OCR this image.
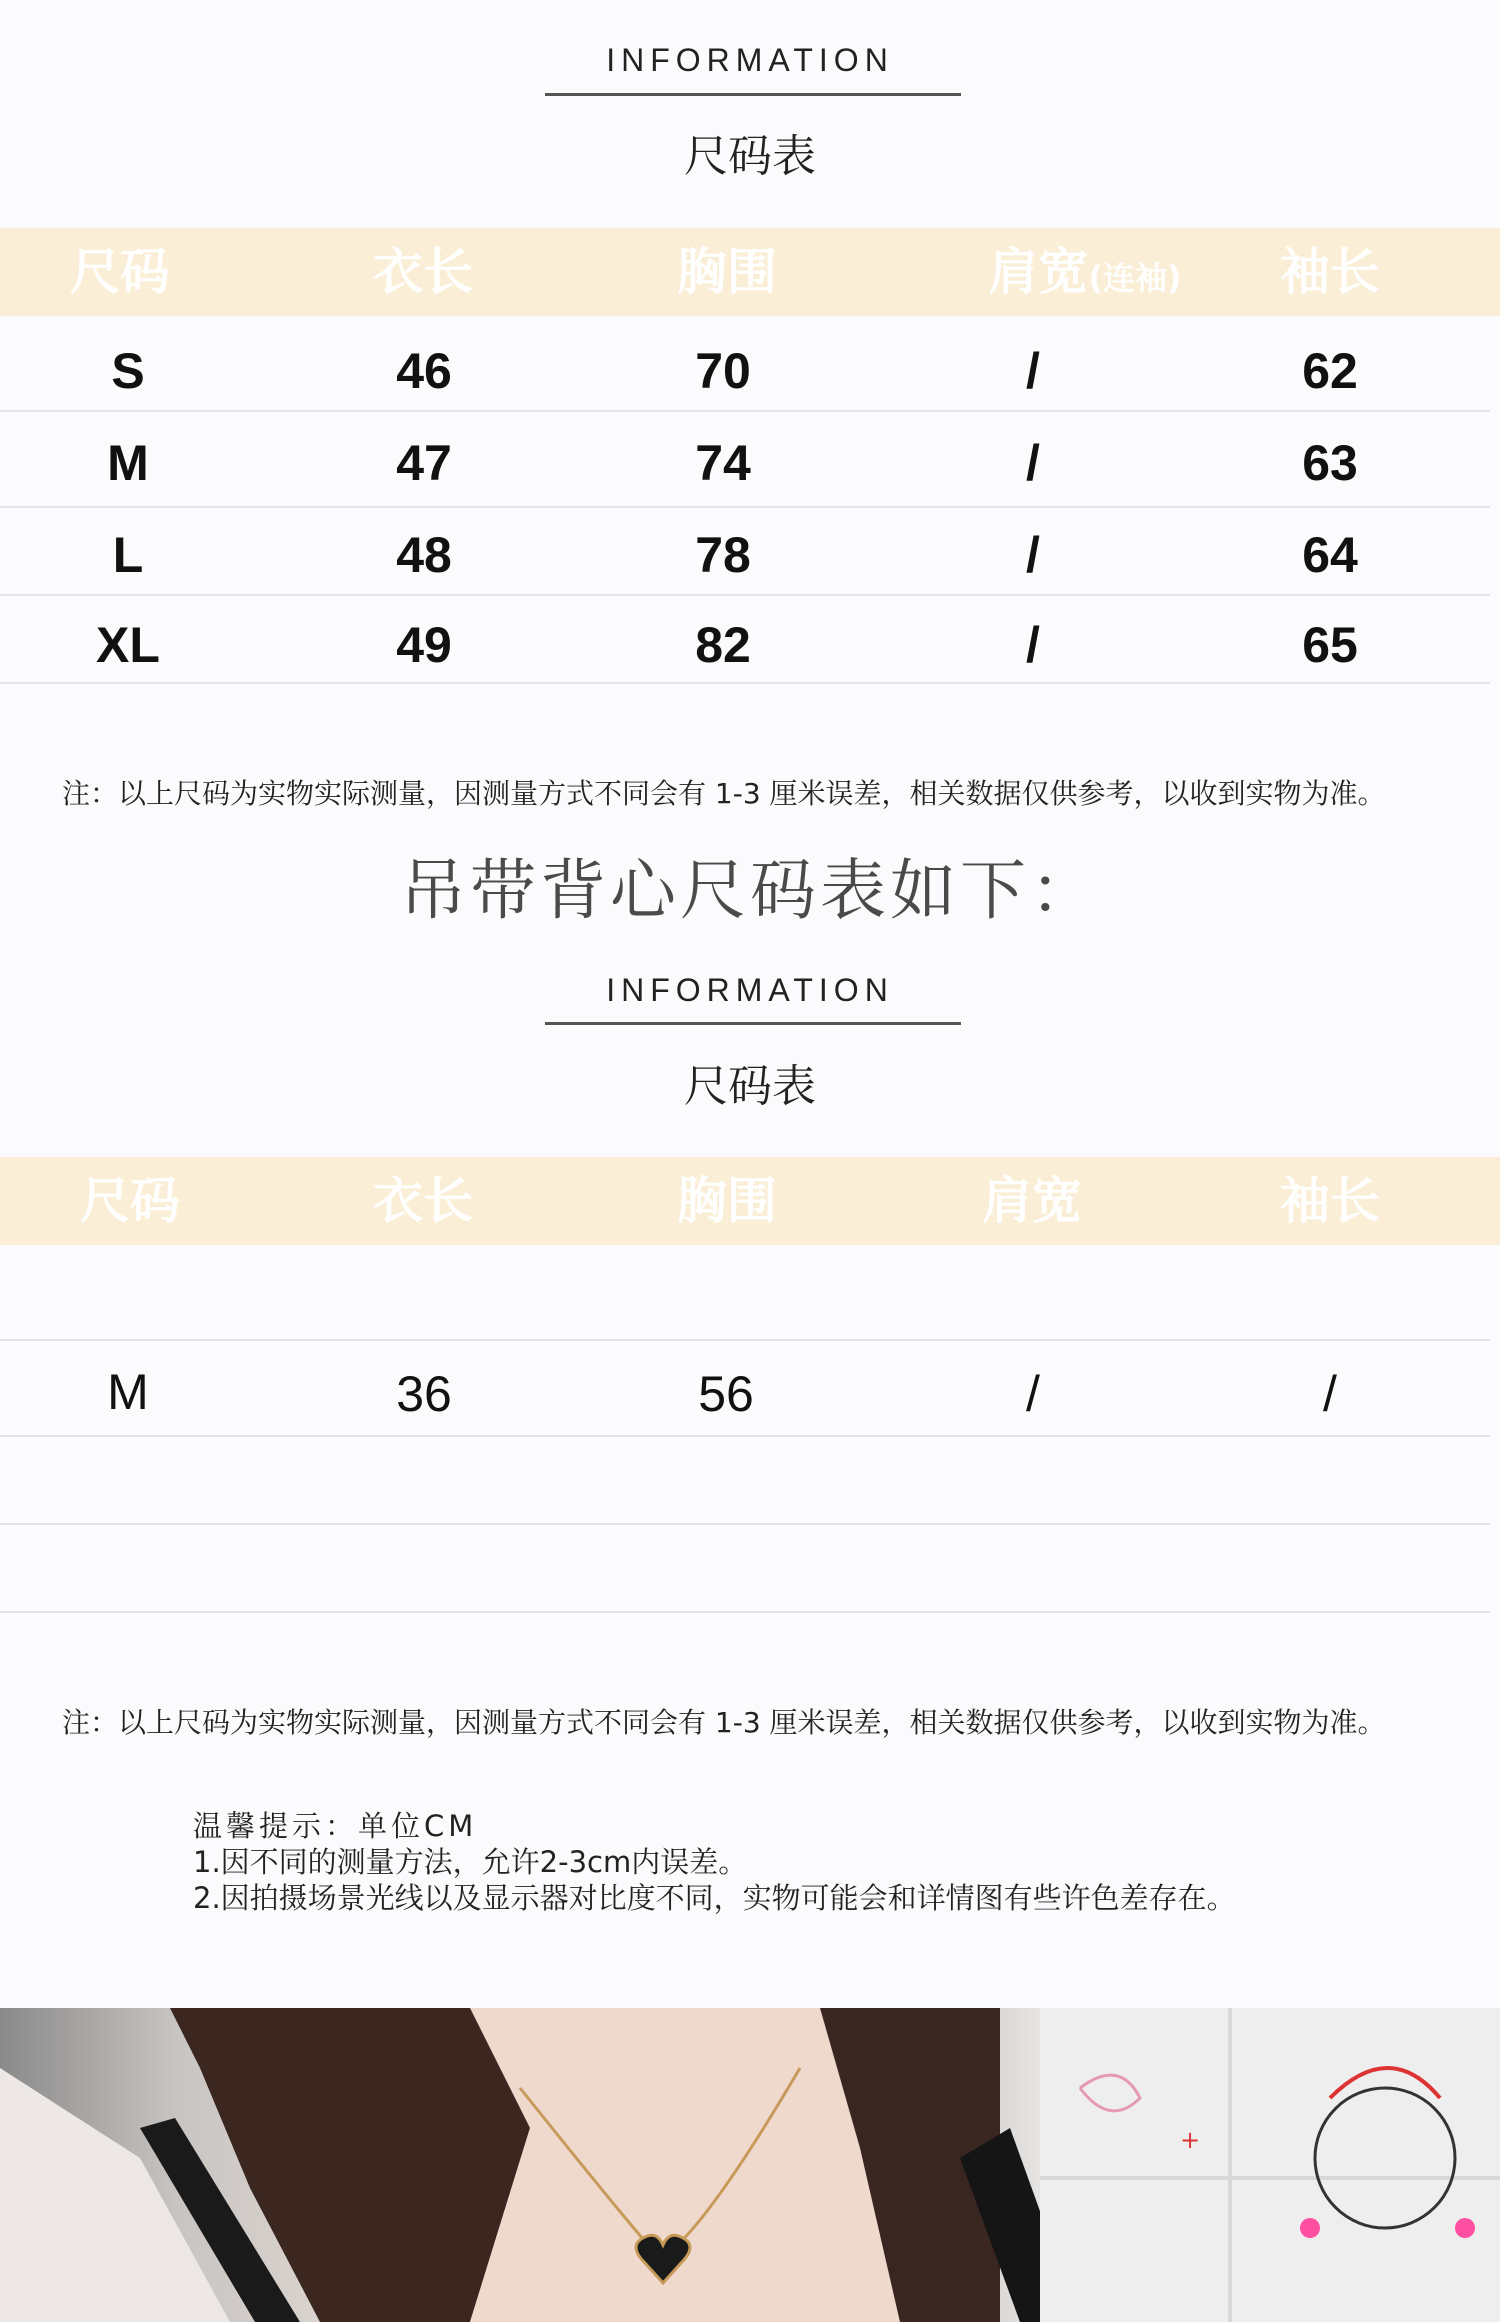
INFORMATION
尺码表
尺码	衣长	胸围	肩宽(连袖)	袖长
S	46	70	/	62
M	47	74	/	63
L	48	78	/	64
XL	49	82	/	65
注：以上尺码为实物实际测量，因测量方式不同会有 1-3 厘米误差，相关数据仅供参考，以收到实物为准。
吊带背心尺码表如下：
INFORMATION
尺码表
尺码	衣长	胸围	肩宽	袖长
M	36	56	/	/
注：以上尺码为实物实际测量，因测量方式不同会有 1-3 厘米误差，相关数据仅供参考，以收到实物为准。
温馨提示：单位CM
1.因不同的测量方法，允许2-3cm内误差。
2.因拍摄场景光线以及显示器对比度不同，实物可能会和详情图有些许色差存在。
+
